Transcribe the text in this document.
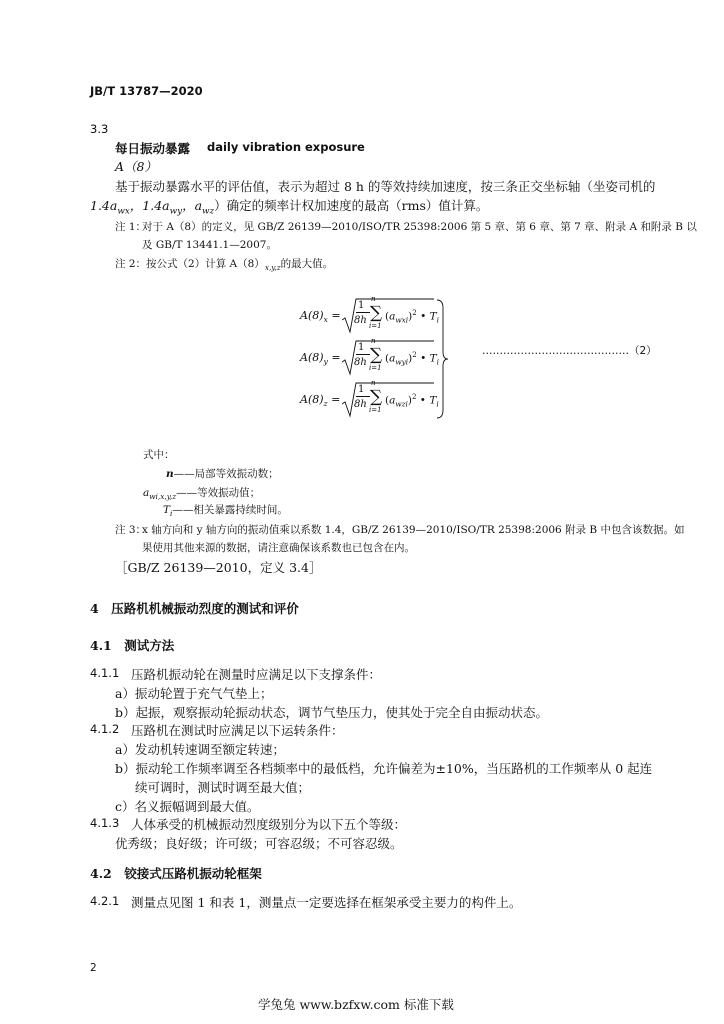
JB/T 13787—2020
3.3
每日振动暴露 daily vibration exposure
A（8）
基于振动暴露水平的评估值，表示为超过 8 h 的等效持续加速度，按三条正交坐标轴（坐姿司机的
$1.4a_{wx}$，$1.4a_{wy}$，$a_{wz}$）确定的频率计权加速度的最高（rms）值计算。
注 1：
对于 A（8）的定义，见 GB/Z 26139—2010/ISO/TR 25398:2006 第 5 章、第 6 章、第 7 章、附录 A 和附录 B 以
及 GB/T 13441.1—2007。
注 2：按公式（2）计算 $A(8)_{x,y,z}$的最大值。
$A(8)_x$ =
1
8h
n
∑
i=1
$(a_{wxi})^2$ • $T_i$
$A(8)_y$ =
1
8h
n
∑
i=1
$(a_{wyi})^2$ • $T_i$
$A(8)_z$ =
1
8h
n
∑
i=1
$(a_{wzi})^2$ • $T_i$
……………………………………（2）
式中：
n——局部等效振动数；
$a_{wi,x,y,z}——$等效振动值；
$T_i——$相关暴露持续时间。
注 3：
x 轴方向和 y 轴方向的振动值乘以系数 1.4，GB/Z 26139—2010/ISO/TR 25398:2006 附录 B 中包含该数据。如
果使用其他来源的数据，请注意确保该系数也已包含在内。
［GB/Z 26139—2010，定义 3.4］
4　压路机机械振动烈度的测试和评价
4.1　测试方法
4.1.1 压路机振动轮在测量时应满足以下支撑条件：
a）振动轮置于充气气垫上；
b）起振，观察振动轮振动状态，调节气垫压力，使其处于完全自由振动状态。
4.1.2 压路机在测试时应满足以下运转条件：
a）发动机转速调至额定转速；
b）振动轮工作频率调至各档频率中的最低档，允许偏差为±10%，当压路机的工作频率从 0 起连
续可调时，测试时调至最大值；
c）名义振幅调到最大值。
4.1.3 人体承受的机械振动烈度级别分为以下五个等级：
优秀级；良好级；许可级；可容忍级；不可容忍级。
4.2　铰接式压路机振动轮框架
4.2.1 测量点见图 1 和表 1，测量点一定要选择在框架承受主要力的构件上。
2
学兔兔 www.bzfxw.com 标准下载
